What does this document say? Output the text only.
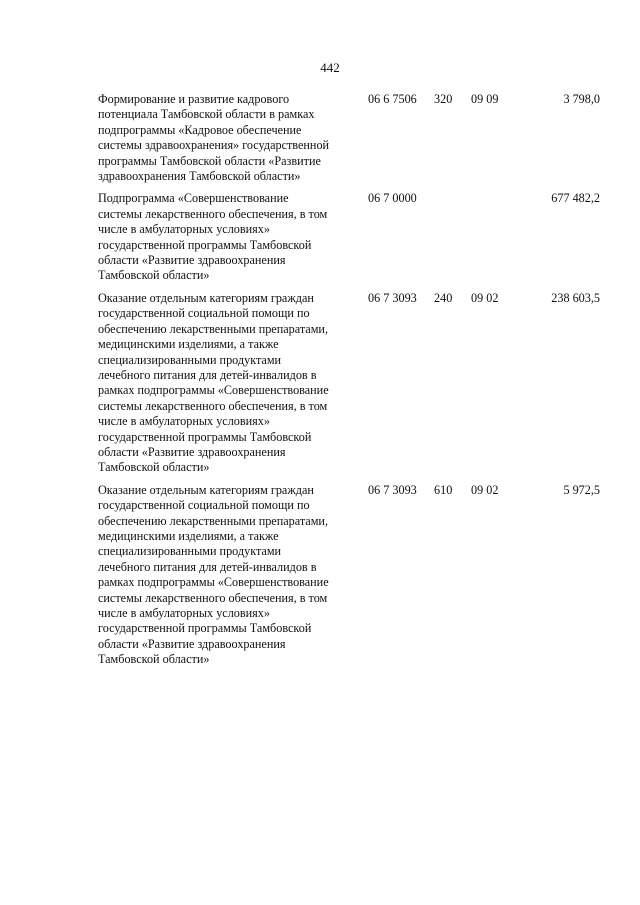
442
Формирование и развитие кадрового
потенциала Тамбовской области в рамках
подпрограммы «Кадровое обеспечение
системы здравоохранения» государственной
программы Тамбовской области «Развитие
здравоохранения Тамбовской области»
06 6 7506 320 09 09	3 798,0
Подпрограмма «Совершенствование
системы лекарственного обеспечения, в том
числе в амбулаторных условиях»
государственной программы Тамбовской
области «Развитие здравоохранения
Тамбовской области»
06 7 0000	677 482,2
Оказание отдельным категориям граждан
государственной социальной помощи по
обеспечению лекарственными препаратами,
медицинскими изделиями, а также
специализированными продуктами
лечебного питания для детей-инвалидов в
рамках подпрограммы «Совершенствование
системы лекарственного обеспечения, в том
числе в амбулаторных условиях»
государственной программы Тамбовской
области «Развитие здравоохранения
Тамбовской области»
06 7 3093 240 09 02	238 603,5
Оказание отдельным категориям граждан
государственной социальной помощи по
обеспечению лекарственными препаратами,
медицинскими изделиями, а также
специализированными продуктами
лечебного питания для детей-инвалидов в
рамках подпрограммы «Совершенствование
системы лекарственного обеспечения, в том
числе в амбулаторных условиях»
государственной программы Тамбовской
области «Развитие здравоохранения
Тамбовской области»
06 7 3093 610 09 02	5 972,5
